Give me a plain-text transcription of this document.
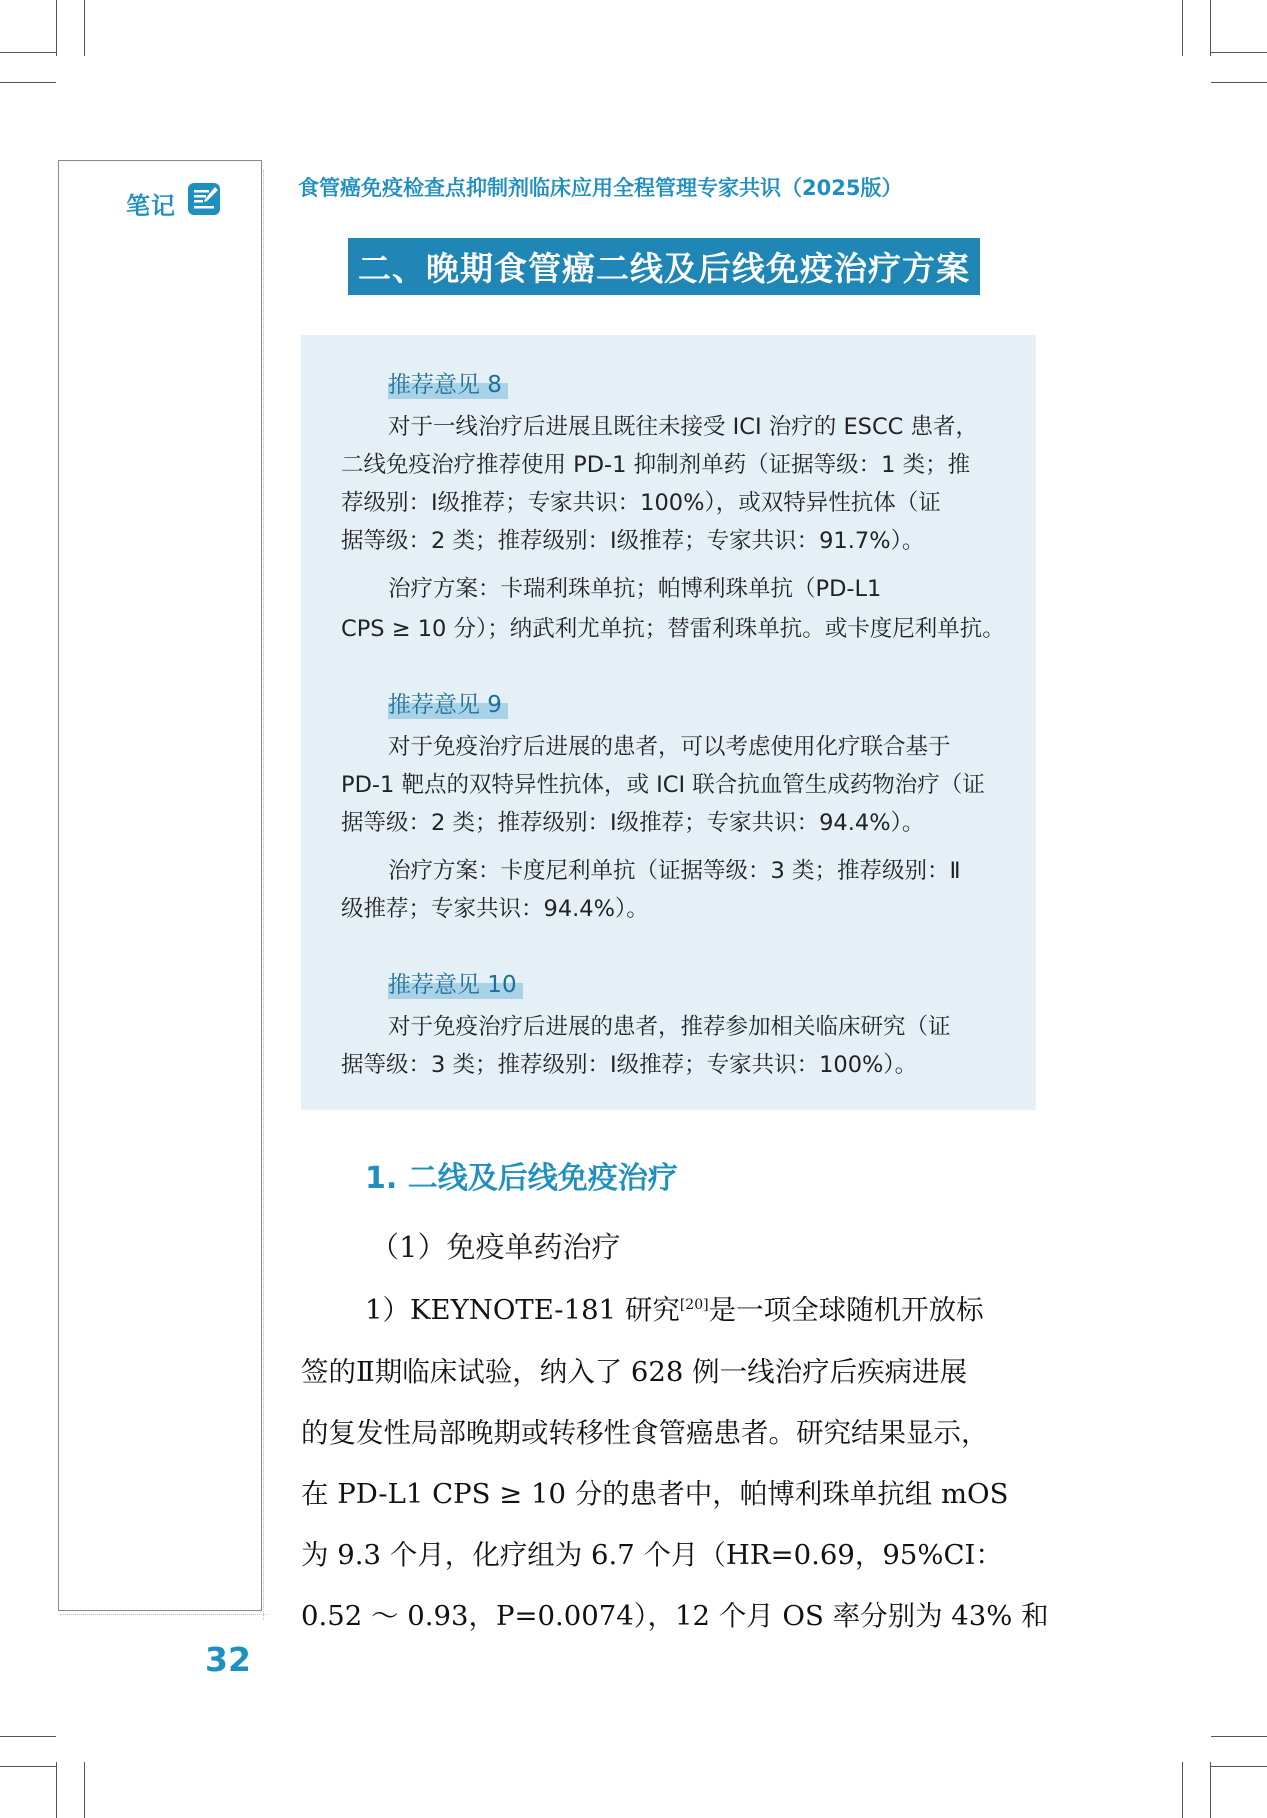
笔记
食管癌免疫检查点抑制剂临床应用全程管理专家共识（2025版）
二、晚期食管癌二线及后线免疫治疗方案
推荐意见 8
对于一线治疗后进展且既往未接受 ICI 治疗的 ESCC 患者，
二线免疫治疗推荐使用 PD-1 抑制剂单药（证据等级：1 类；推
荐级别：Ⅰ级推荐；专家共识：100%），或双特异性抗体（证
据等级：2 类；推荐级别：Ⅰ级推荐；专家共识：91.7%）。
治疗方案：卡瑞利珠单抗；帕博利珠单抗（PD-L1
CPS ≥ 10 分）；纳武利尤单抗；替雷利珠单抗。或卡度尼利单抗。
推荐意见 9
对于免疫治疗后进展的患者，可以考虑使用化疗联合基于
PD-1 靶点的双特异性抗体，或 ICI 联合抗血管生成药物治疗（证
据等级：2 类；推荐级别：Ⅰ级推荐；专家共识：94.4%）。
治疗方案：卡度尼利单抗（证据等级：3 类；推荐级别：Ⅱ
级推荐；专家共识：94.4%）。
推荐意见 10
对于免疫治疗后进展的患者，推荐参加相关临床研究（证
据等级：3 类；推荐级别：Ⅰ级推荐；专家共识：100%）。
1. 二线及后线免疫治疗
（1）免疫单药治疗
1）KEYNOTE-181 研究[20]是一项全球随机开放标
签的Ⅱ期临床试验，纳入了 628 例一线治疗后疾病进展
的复发性局部晚期或转移性食管癌患者。研究结果显示，
在 PD-L1 CPS ≥ 10 分的患者中，帕博利珠单抗组 mOS
为 9.3 个月，化疗组为 6.7 个月（HR=0.69，95%CI：
0.52 ～ 0.93，P=0.0074），12 个月 OS 率分别为 43% 和
32
